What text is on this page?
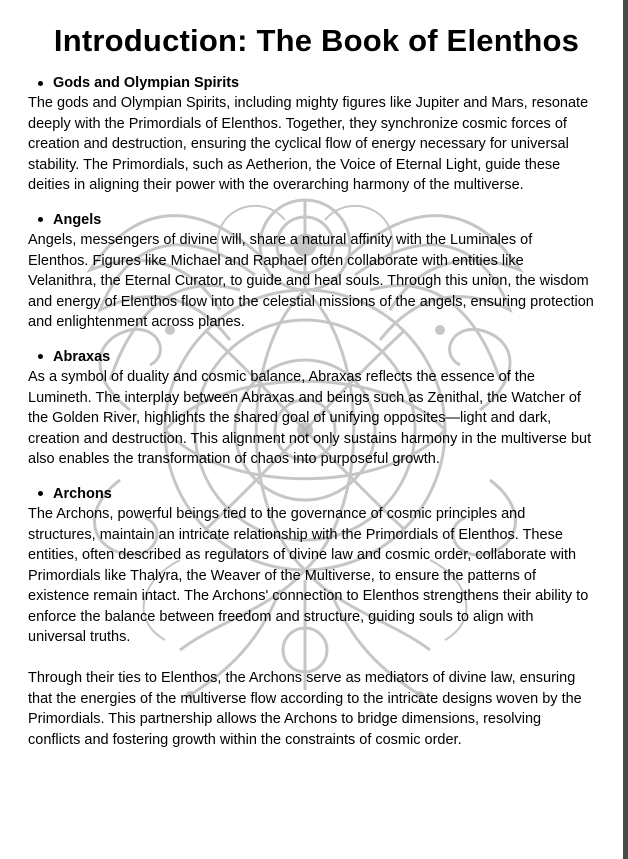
Introduction: The Book of Elenthos
Gods and Olympian Spirits

The gods and Olympian Spirits, including mighty figures like Jupiter and Mars, resonate deeply with the Primordials of Elenthos. Together, they synchronize cosmic forces of creation and destruction, ensuring the cyclical flow of energy necessary for universal stability. The Primordials, such as Aetherion, the Voice of Eternal Light, guide these deities in aligning their power with the overarching harmony of the multiverse.

Angels

Angels, messengers of divine will, share a natural affinity with the Luminales of Elenthos. Figures like Michael and Raphael often collaborate with entities like Velanithra, the Eternal Curator, to guide and heal souls. Through this union, the wisdom and energy of Elenthos flow into the celestial missions of the angels, ensuring protection and enlightenment across planes.

Abraxas

As a symbol of duality and cosmic balance, Abraxas reflects the essence of the Lumineth. The interplay between Abraxas and beings such as Zenithal, the Watcher of the Golden River, highlights the shared goal of unifying opposites—light and dark, creation and destruction. This alignment not only sustains harmony in the multiverse but also enables the transformation of chaos into purposeful growth.

Archons

The Archons, powerful beings tied to the governance of cosmic principles and structures, maintain an intricate relationship with the Primordials of Elenthos. These entities, often described as regulators of divine law and cosmic order, collaborate with Primordials like Thalyra, the Weaver of the Multiverse, to ensure the patterns of existence remain intact. The Archons' connection to Elenthos strengthens their ability to enforce the balance between freedom and structure, guiding souls to align with universal truths.

Through their ties to Elenthos, the Archons serve as mediators of divine law, ensuring that the energies of the multiverse flow according to the intricate designs woven by the Primordials. This partnership allows the Archons to bridge dimensions, resolving conflicts and fostering growth within the constraints of cosmic order.
